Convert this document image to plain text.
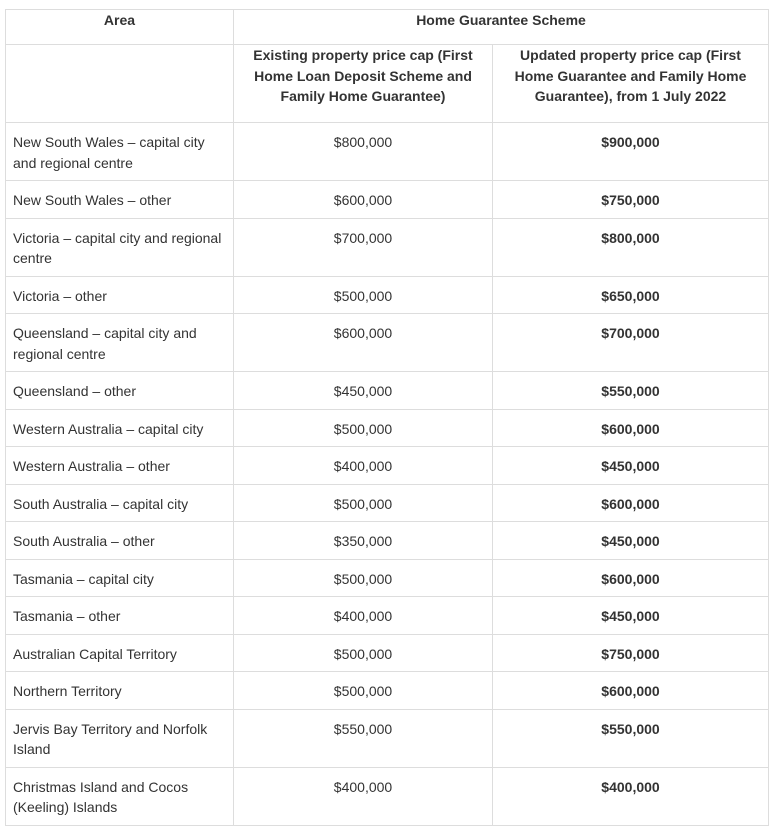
Area	Home Guarantee Scheme	
	Existing property price cap (First Home Loan Deposit Scheme and Family Home Guarantee)	Updated property price cap (First Home Guarantee and Family Home Guarantee), from 1 July 2022
New South Wales – capital city and regional centre	$800,000	$900,000
New South Wales – other	$600,000	$750,000
Victoria – capital city and regional centre	$700,000	$800,000
Victoria – other	$500,000	$650,000
Queensland – capital city and regional centre	$600,000	$700,000
Queensland – other	$450,000	$550,000
Western Australia – capital city	$500,000	$600,000
Western Australia – other	$400,000	$450,000
South Australia – capital city	$500,000	$600,000
South Australia – other	$350,000	$450,000
Tasmania – capital city	$500,000	$600,000
Tasmania – other	$400,000	$450,000
Australian Capital Territory	$500,000	$750,000
Northern Territory	$500,000	$600,000
Jervis Bay Territory and Norfolk Island	$550,000	$550,000
Christmas Island and Cocos (Keeling) Islands	$400,000	$400,000
